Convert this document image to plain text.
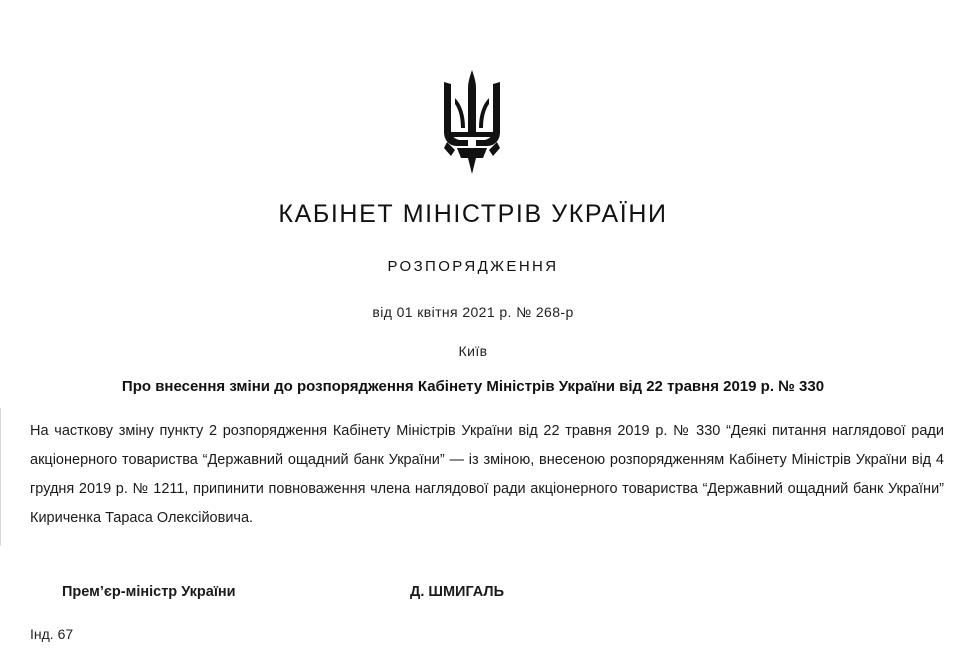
КАБІНЕТ МІНІСТРІВ УКРАЇНИ
РОЗПОРЯДЖЕННЯ
від 01 квітня 2021 р. № 268-р
Київ
Про внесення зміни до розпорядження Кабінету Міністрів України від 22 травня 2019 р. № 330
На часткову зміну пункту 2 розпорядження Кабінету Міністрів України від 22 травня 2019 р. № 330 “Деякі питання наглядової ради акціонерного товариства “Державний ощадний банк України” — із зміною, внесеною розпорядженням Кабінету Міністрів України від 4 грудня 2019 р. № 1211, припинити повноваження члена наглядової ради акціонерного товариства “Державний ощадний банк України” Кириченка Тараса Олексійовича.
Прем’єр-міністр України	Д. ШМИГАЛЬ
Інд. 67
